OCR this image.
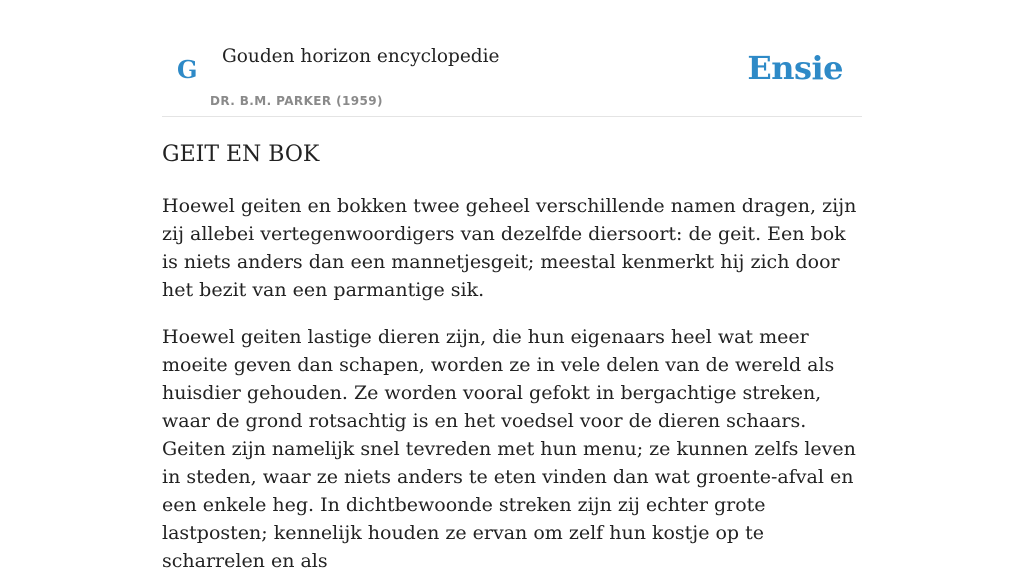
G Gouden horizon encyclopedie
DR. B.M. PARKER (1959)
Ensie
GEIT EN BOK

Hoewel geiten en bokken twee geheel verschillende namen dragen, zijn zij allebei vertegenwoordigers van dezelfde diersoort: de geit. Een bok is niets anders dan een mannetjesgeit; meestal kenmerkt hij zich door het bezit van een parmantige sik.

Hoewel geiten lastige dieren zijn, die hun eigenaars heel wat meer moeite geven dan schapen, worden ze in vele delen van de wereld als huisdier gehouden. Ze worden vooral gefokt in bergachtige streken, waar de grond rotsachtig is en het voedsel voor de dieren schaars. Geiten zijn namelijk snel tevreden met hun menu; ze kunnen zelfs leven in steden, waar ze niets anders te eten vinden dan wat groente-afval en een enkele heg. In dichtbewoonde streken zijn zij echter grote lastposten; kennelijk houden ze ervan om zelf hun kostje op te scharrelen en als
